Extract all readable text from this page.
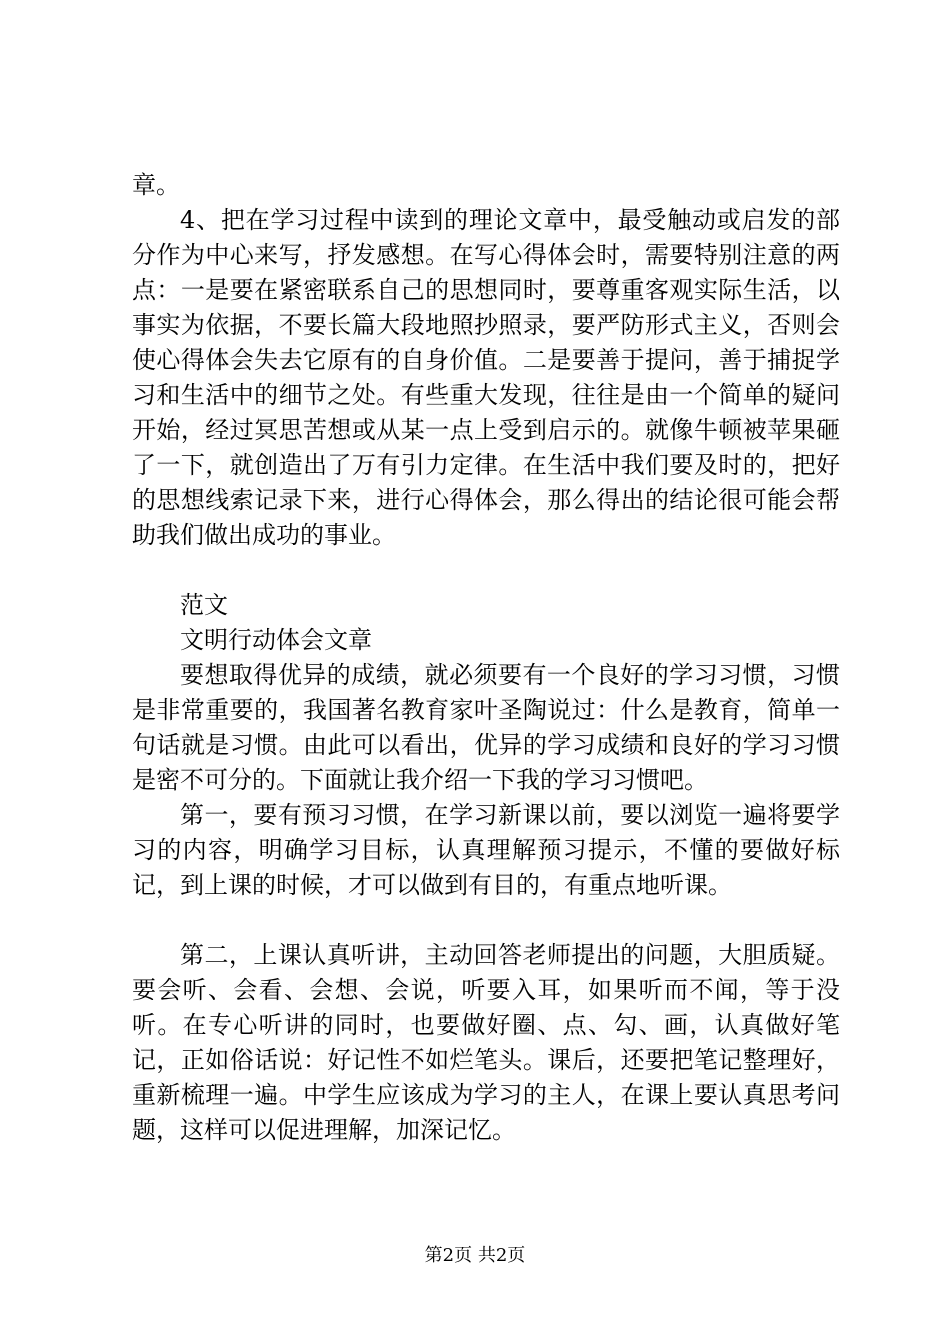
章。

4、把在学习过程中读到的理论文章中，最受触动或启发的部分作为中心来写，抒发感想。在写心得体会时，需要特别注意的两点：一是要在紧密联系自己的思想同时，要尊重客观实际生活，以事实为依据，不要长篇大段地照抄照录，要严防形式主义，否则会使心得体会失去它原有的自身价值。二是要善于提问，善于捕捉学习和生活中的细节之处。有些重大发现，往往是由一个简单的疑问开始，经过冥思苦想或从某一点上受到启示的。就像牛顿被苹果砸了一下，就创造出了万有引力定律。在生活中我们要及时的，把好的思想线索记录下来，进行心得体会，那么得出的结论很可能会帮助我们做出成功的事业。

范文

文明行动体会文章

要想取得优异的成绩，就必须要有一个良好的学习习惯，习惯是非常重要的，我国著名教育家叶圣陶说过：什么是教育，简单一句话就是习惯。由此可以看出，优异的学习成绩和良好的学习习惯是密不可分的。下面就让我介绍一下我的学习习惯吧。

第一，要有预习习惯，在学习新课以前，要以浏览一遍将要学习的内容，明确学习目标，认真理解预习提示，不懂的要做好标记，到上课的时候，才可以做到有目的，有重点地听课。

第二，上课认真听讲，主动回答老师提出的问题，大胆质疑。要会听、会看、会想、会说，听要入耳，如果听而不闻，等于没听。在专心听讲的同时，也要做好圈、点、勾、画，认真做好笔记，正如俗话说：好记性不如烂笔头。课后，还要把笔记整理好，重新梳理一遍。中学生应该成为学习的主人，在课上要认真思考问题，这样可以促进理解，加深记忆。

第2页 共2页
